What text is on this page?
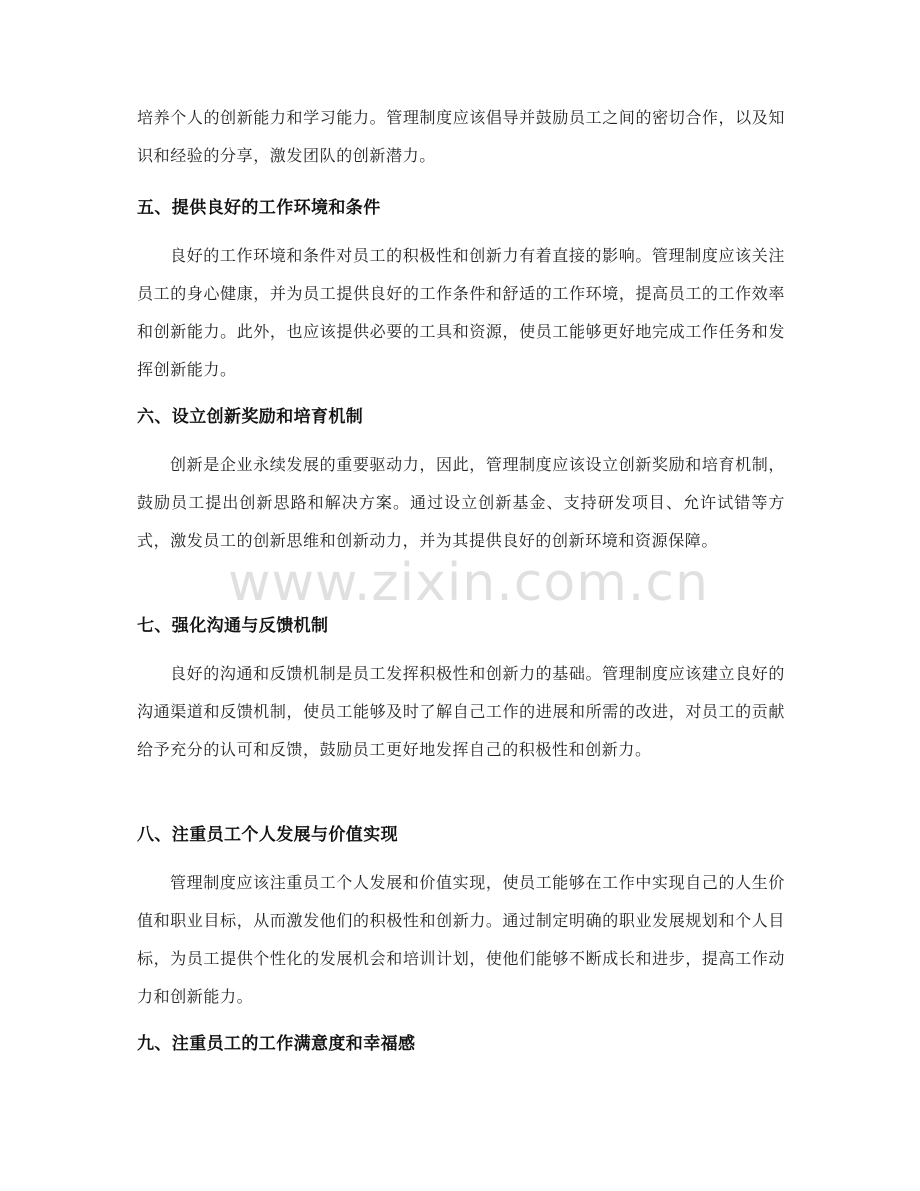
培养个人的创新能力和学习能力。管理制度应该倡导并鼓励员工之间的密切合作，以及知识和经验的分享，激发团队的创新潜力。

五、提供良好的工作环境和条件

良好的工作环境和条件对员工的积极性和创新力有着直接的影响。管理制度应该关注员工的身心健康，并为员工提供良好的工作条件和舒适的工作环境，提高员工的工作效率和创新能力。此外，也应该提供必要的工具和资源，使员工能够更好地完成工作任务和发挥创新能力。

六、设立创新奖励和培育机制

创新是企业永续发展的重要驱动力，因此，管理制度应该设立创新奖励和培育机制，鼓励员工提出创新思路和解决方案。通过设立创新基金、支持研发项目、允许试错等方式，激发员工的创新思维和创新动力，并为其提供良好的创新环境和资源保障。

七、强化沟通与反馈机制

良好的沟通和反馈机制是员工发挥积极性和创新力的基础。管理制度应该建立良好的沟通渠道和反馈机制，使员工能够及时了解自己工作的进展和所需的改进，对员工的贡献给予充分的认可和反馈，鼓励员工更好地发挥自己的积极性和创新力。

八、注重员工个人发展与价值实现

管理制度应该注重员工个人发展和价值实现，使员工能够在工作中实现自己的人生价值和职业目标，从而激发他们的积极性和创新力。通过制定明确的职业发展规划和个人目标，为员工提供个性化的发展机会和培训计划，使他们能够不断成长和进步，提高工作动力和创新能力。

九、注重员工的工作满意度和幸福感
www.zixin.com.cn
